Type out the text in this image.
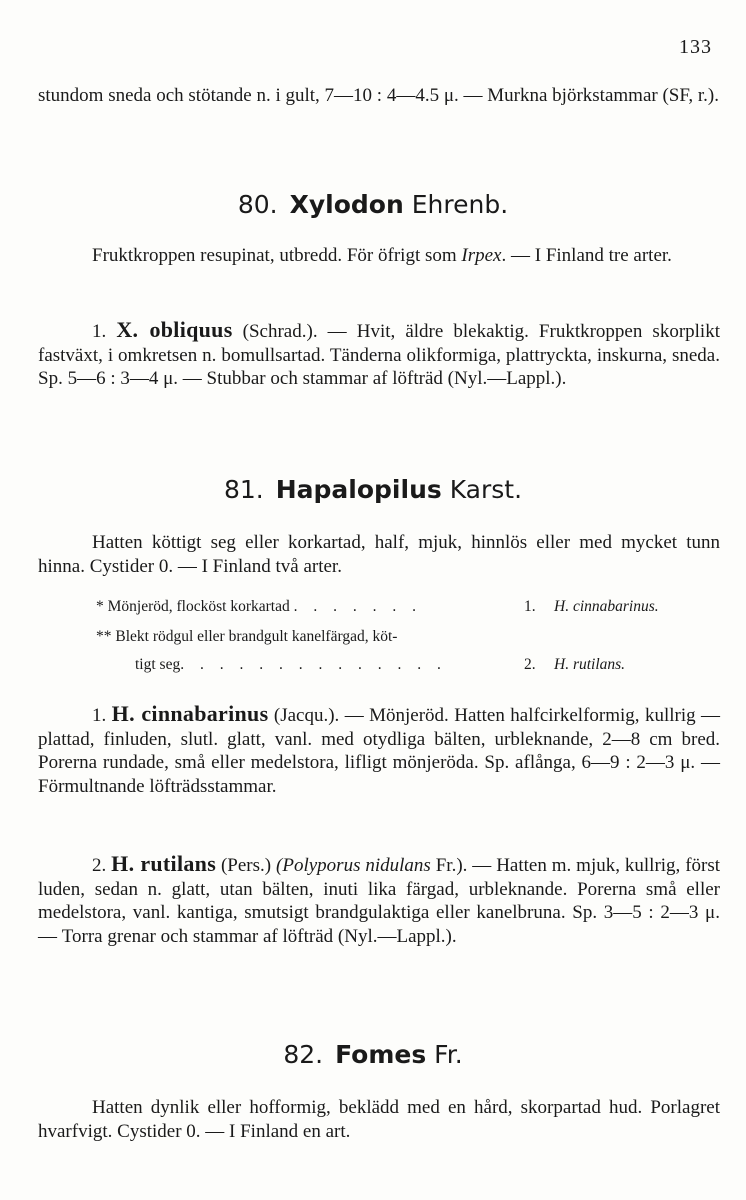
133

stundom sneda och stötande n. i gult, 7—10 : 4—4.5 μ. — Murkna björkstammar (SF, r.).

80. Xylodon Ehrenb.

Fruktkroppen resupinat, utbredd. För öfrigt som Irpex. — I Finland tre arter.

1. X. obliquus (Schrad.). — Hvit, äldre blekaktig. Fruktkroppen skorplikt fastväxt, i omkretsen n. bomullsartad. Tänderna olikformiga, plattryckta, inskurna, sneda. Sp. 5—6 : 3—4 μ. — Stubbar och stammar af löfträd (Nyl.—Lappl.).

81. Hapalopilus Karst.

Hatten köttigt seg eller korkartad, half, mjuk, hinnlös eller med mycket tunn hinna. Cystider 0. — I Finland två arter.

* Mönjeröd, flocköst korkartad . . . . . . .	1. H. cinnabarinus.
** Blekt rödgul eller brandgult kanelfärgad, köt-
tigt seg. . . . . . . . . . . . . .	2. H. rutilans.

1. H. cinnabarinus (Jacqu.). — Mönjeröd. Hatten halfcirkelformig, kullrig — plattad, finluden, slutl. glatt, vanl. med otydliga bälten, urbleknande, 2—8 cm bred. Porerna rundade, små eller medelstora, lifligt mönjeröda. Sp. aflånga, 6—9 : 2—3 μ. — Förmultnande löfträdsstammar.

2. H. rutilans (Pers.) (Polyporus nidulans Fr.). — Hatten m. mjuk, kullrig, först luden, sedan n. glatt, utan bälten, inuti lika färgad, urbleknande. Porerna små eller medelstora, vanl. kantiga, smutsigt brandgulaktiga eller kanelbruna. Sp. 3—5 : 2—3 μ. — Torra grenar och stammar af löfträd (Nyl.—Lappl.).

82. Fomes Fr.

Hatten dynlik eller hofformig, beklädd med en hård, skorpartad hud. Porlagret hvarfvigt. Cystider 0. — I Finland en art.
